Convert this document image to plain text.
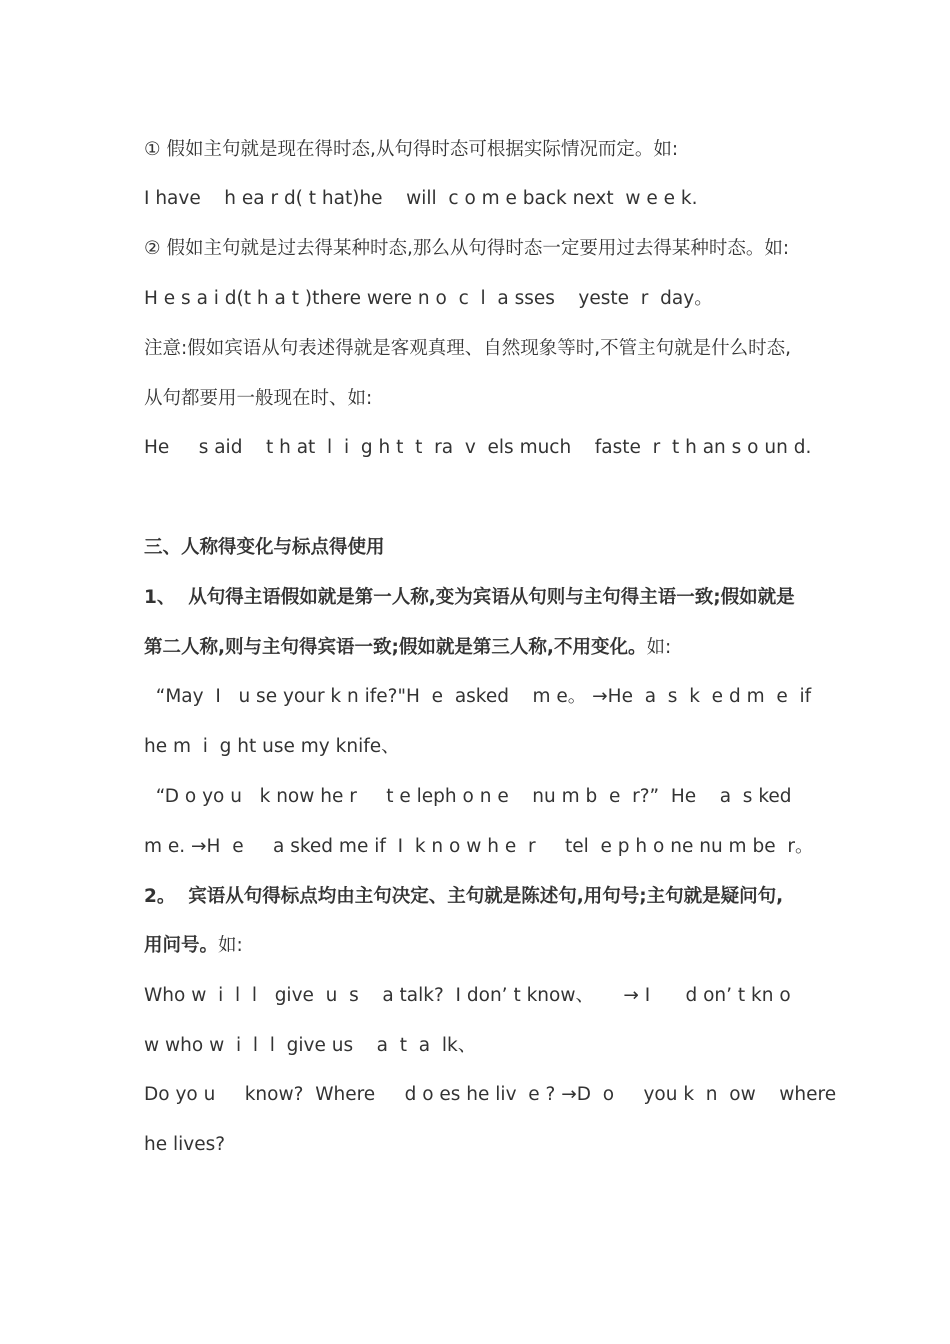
① 假如主句就是现在得时态,从句得时态可根据实际情况而定。如:

I have    h ea r d( t hat)he    will  c o m e back next  w e e k.

② 假如主句就是过去得某种时态,那么从句得时态一定要用过去得某种时态。如:

H e s a i d(t h a t )there were n o  c  l  a sses    yeste  r  day。

注意:假如宾语从句表述得就是客观真理、自然现象等时,不管主句就是什么时态,

从句都要用一般现在时、如:

He     s aid    t h at  l  i  g h t  t  ra  v  els much    faste  r  t h an s o un d.

三、人称得变化与标点得使用

1、  从句得主语假如就是第一人称,变为宾语从句则与主句得主语一致;假如就是

第二人称,则与主句得宾语一致;假如就是第三人称,不用变化。如:

“May  I   u se your k n ife?"H  e  asked    m e。 →He  a  s  k  e d m  e  if

he m  i  g ht use my knife、

“D o yo u   k now he r     t e leph o n e    nu m b  e  r?”  He    a  s ked

m e. →H  e     a sked me if  I  k n o w h e  r     tel  e p h o ne nu m be  r。

2。  宾语从句得标点均由主句决定、主句就是陈述句,用句号;主句就是疑问句,

用问号。如:

Who w  i  l  l   give  u  s    a talk?  I don’ t know、     → I      d on’ t kn o

w who w  i  l  l  give us    a  t  a  lk、

Do yo u     know?  Where     d o es he liv  e ? →D  o     you k  n  ow    where

he lives?
